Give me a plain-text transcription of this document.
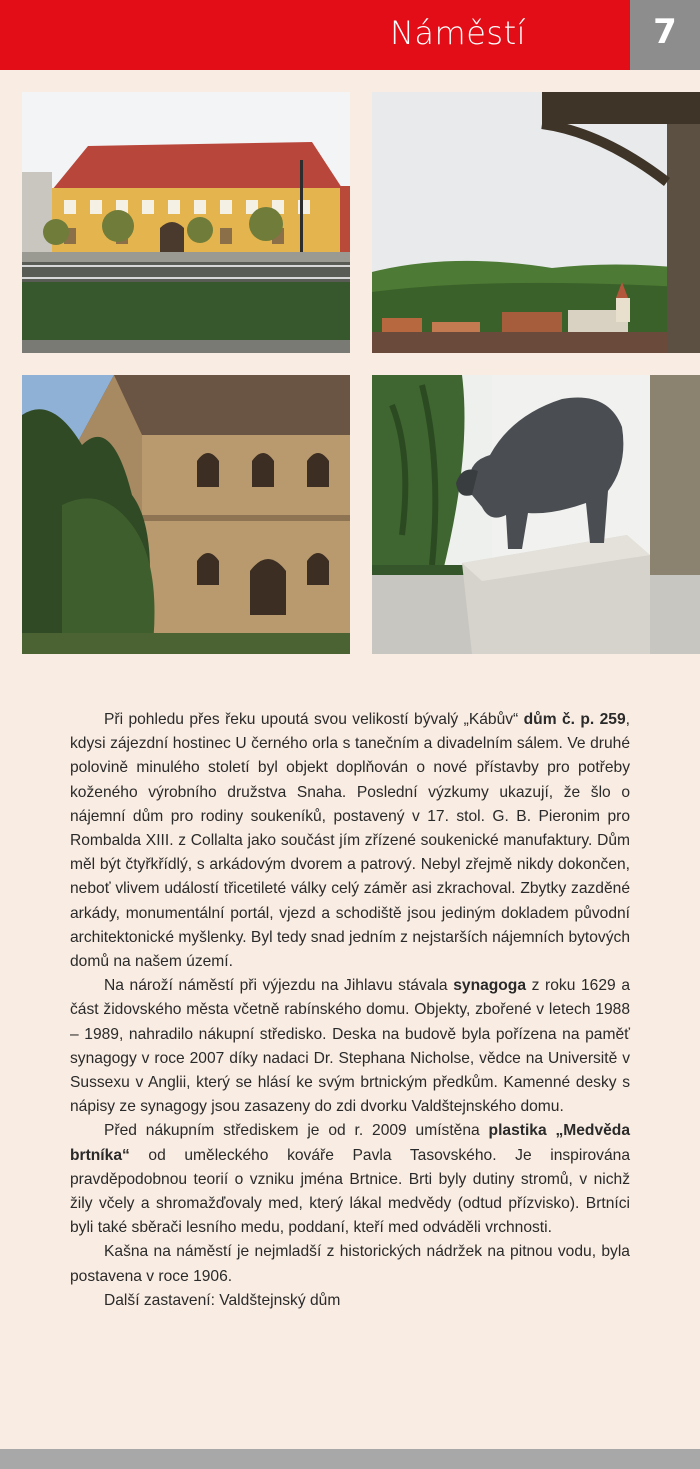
Náměstí	7

Při pohledu přes řeku upoutá svou velikostí bývalý „Kábův“ dům č. p. 259, kdysi zájezdní hostinec U černého orla s tanečním a divadelním sálem. Ve druhé polovině minulého století byl objekt doplňován o nové přístavby pro potřeby koženého výrobního družstva Snaha. Poslední výzkumy ukazují, že šlo o nájemní dům pro rodiny soukeníků, postavený v 17. stol. G. B. Pieronim pro Rombalda XIII. z Collalta jako součást jím zřízené soukenické manufaktury. Dům měl být čtyřkřídlý, s arkádovým dvorem a patrový. Nebyl zřejmě nikdy dokončen, neboť vlivem událostí třicetileté války celý záměr asi zkrachoval. Zbytky zazděné arkády, monumentální portál, vjezd a schodiště jsou jediným dokladem původní architektonické myšlenky. Byl tedy snad jedním z nejstarších nájemních bytových domů na našem území.

Na nároží náměstí při výjezdu na Jihlavu stávala synagoga z roku 1629 a část židovského města včetně rabínského domu. Objekty, zbořené v letech 1988 – 1989, nahradilo nákupní středisko. Deska na budově byla pořízena na paměť synagogy v roce 2007 díky nadaci Dr. Stephana Nicholse, vědce na Universitě v Sussexu v Anglii, který se hlásí ke svým brtnickým předkům. Kamenné desky s nápisy ze synagogy jsou zasazeny do zdi dvorku Valdštejnského domu.

Před nákupním střediskem je od r. 2009 umístěna plastika „Medvěda brtníka“ od uměleckého kováře Pavla Tasovského. Je inspirována pravděpodobnou teorií o vzniku jména Brtnice. Brti byly dutiny stromů, v nichž žily včely a shromažďovaly med, který lákal medvědy (odtud přízvisko). Brtníci byli také sběrači lesního medu, poddaní, kteří med odváděli vrchnosti.

Kašna na náměstí je nejmladší z historických nádržek na pitnou vodu, byla postavena v roce 1906.

Další zastavení: Valdštejnský dům
